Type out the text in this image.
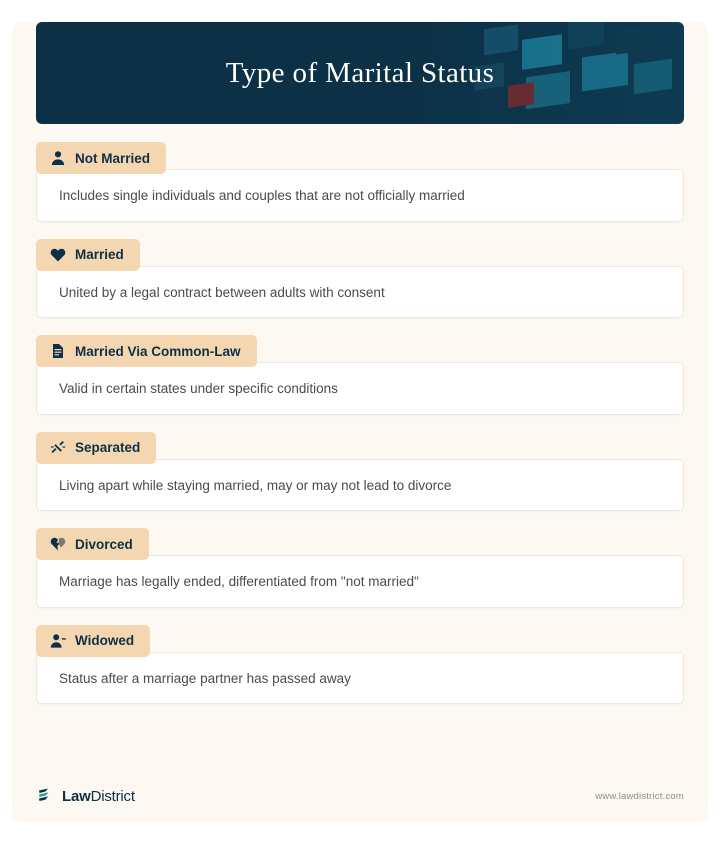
Type of Marital Status
Not Married
Includes single individuals and couples that are not officially married
Married
United by a legal contract between adults with consent
Married Via Common-Law
Valid in certain states under specific conditions
Separated
Living apart while staying married, may or may not lead to divorce
Divorced
Marriage has legally ended, differentiated from "not married"
Widowed
Status after a marriage partner has passed away
LawDistrict	www.lawdistrict.com
